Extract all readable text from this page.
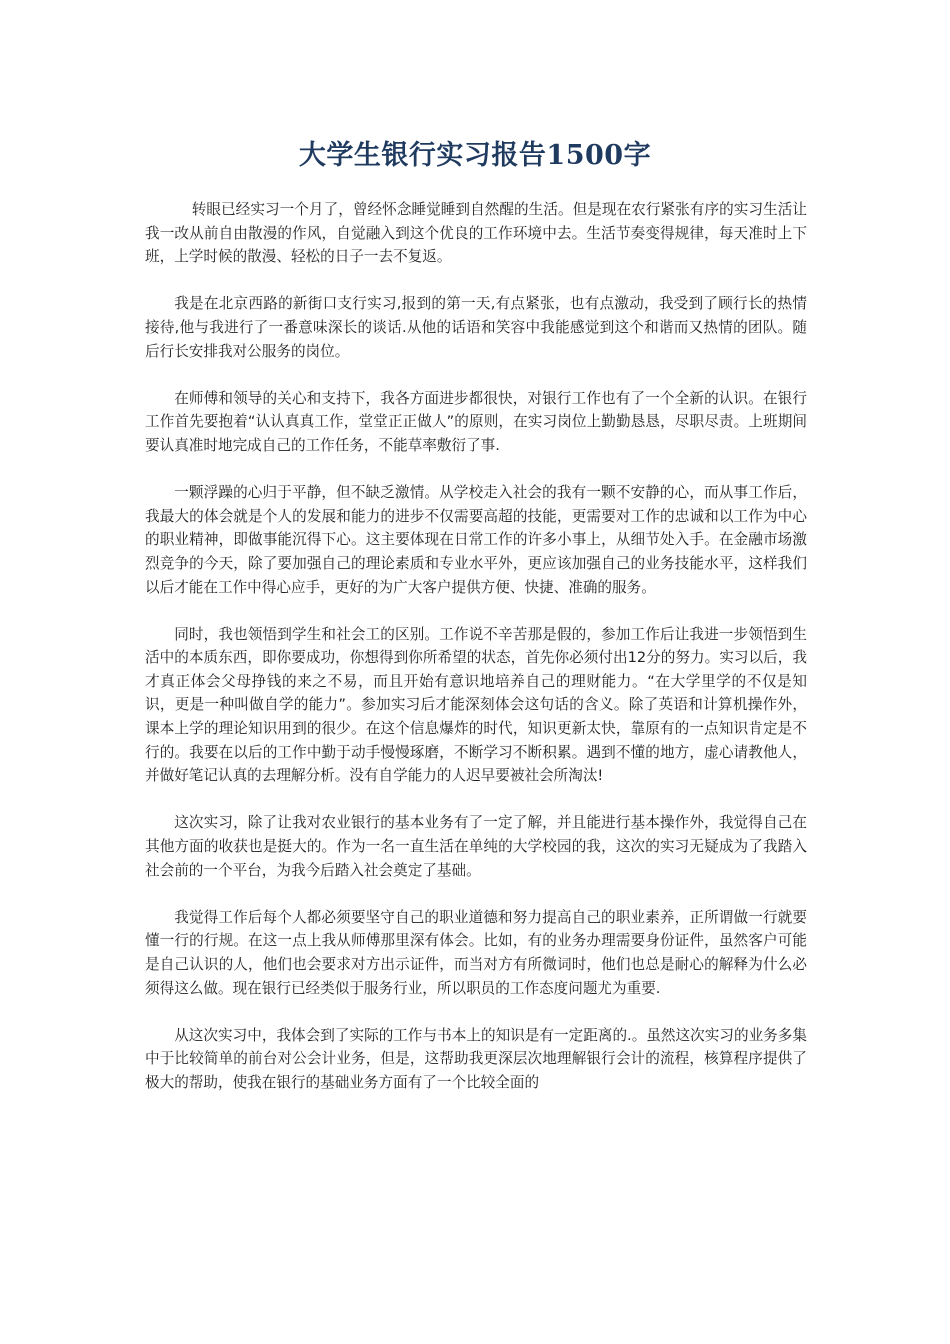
大学生银行实习报告1500字

转眼已经实习一个月了，曾经怀念睡觉睡到自然醒的生活。但是现在农行紧张有序的实习生活让我一改从前自由散漫的作风，自觉融入到这个优良的工作环境中去。生活节奏变得规律，每天准时上下班，上学时候的散漫、轻松的日子一去不复返。

我是在北京西路的新街口支行实习,报到的第一天,有点紧张，也有点激动，我受到了顾行长的热情接待,他与我进行了一番意味深长的谈话.从他的话语和笑容中我能感觉到这个和谐而又热情的团队。随后行长安排我对公服务的岗位。

在师傅和领导的关心和支持下，我各方面进步都很快，对银行工作也有了一个全新的认识。在银行工作首先要抱着“认认真真工作，堂堂正正做人”的原则，在实习岗位上勤勤恳恳，尽职尽责。上班期间要认真准时地完成自己的工作任务，不能草率敷衍了事.

一颗浮躁的心归于平静，但不缺乏激情。从学校走入社会的我有一颗不安静的心，而从事工作后，我最大的体会就是个人的发展和能力的进步不仅需要高超的技能，更需要对工作的忠诚和以工作为中心的职业精神，即做事能沉得下心。这主要体现在日常工作的许多小事上，从细节处入手。在金融市场激烈竞争的今天，除了要加强自己的理论素质和专业水平外，更应该加强自己的业务技能水平，这样我们以后才能在工作中得心应手，更好的为广大客户提供方便、快捷、准确的服务。

同时，我也领悟到学生和社会工的区别。工作说不辛苦那是假的，参加工作后让我进一步领悟到生活中的本质东西，即你要成功，你想得到你所希望的状态，首先你必须付出12分的努力。实习以后，我才真正体会父母挣钱的来之不易，而且开始有意识地培养自己的理财能力。“在大学里学的不仅是知识，更是一种叫做自学的能力”。参加实习后才能深刻体会这句话的含义。除了英语和计算机操作外，课本上学的理论知识用到的很少。在这个信息爆炸的时代，知识更新太快，靠原有的一点知识肯定是不行的。我要在以后的工作中勤于动手慢慢琢磨，不断学习不断积累。遇到不懂的地方，虚心请教他人，并做好笔记认真的去理解分析。没有自学能力的人迟早要被社会所淘汰!

这次实习，除了让我对农业银行的基本业务有了一定了解，并且能进行基本操作外，我觉得自己在其他方面的收获也是挺大的。作为一名一直生活在单纯的大学校园的我，这次的实习无疑成为了我踏入社会前的一个平台，为我今后踏入社会奠定了基础。

我觉得工作后每个人都必须要坚守自己的职业道德和努力提高自己的职业素养，正所谓做一行就要懂一行的行规。在这一点上我从师傅那里深有体会。比如，有的业务办理需要身份证件，虽然客户可能是自己认识的人，他们也会要求对方出示证件，而当对方有所微词时，他们也总是耐心的解释为什么必须得这么做。现在银行已经类似于服务行业，所以职员的工作态度问题尤为重要.

从这次实习中，我体会到了实际的工作与书本上的知识是有一定距离的.。虽然这次实习的业务多集中于比较简单的前台对公会计业务，但是，这帮助我更深层次地理解银行会计的流程，核算程序提供了极大的帮助，使我在银行的基础业务方面有了一个比较全面的
